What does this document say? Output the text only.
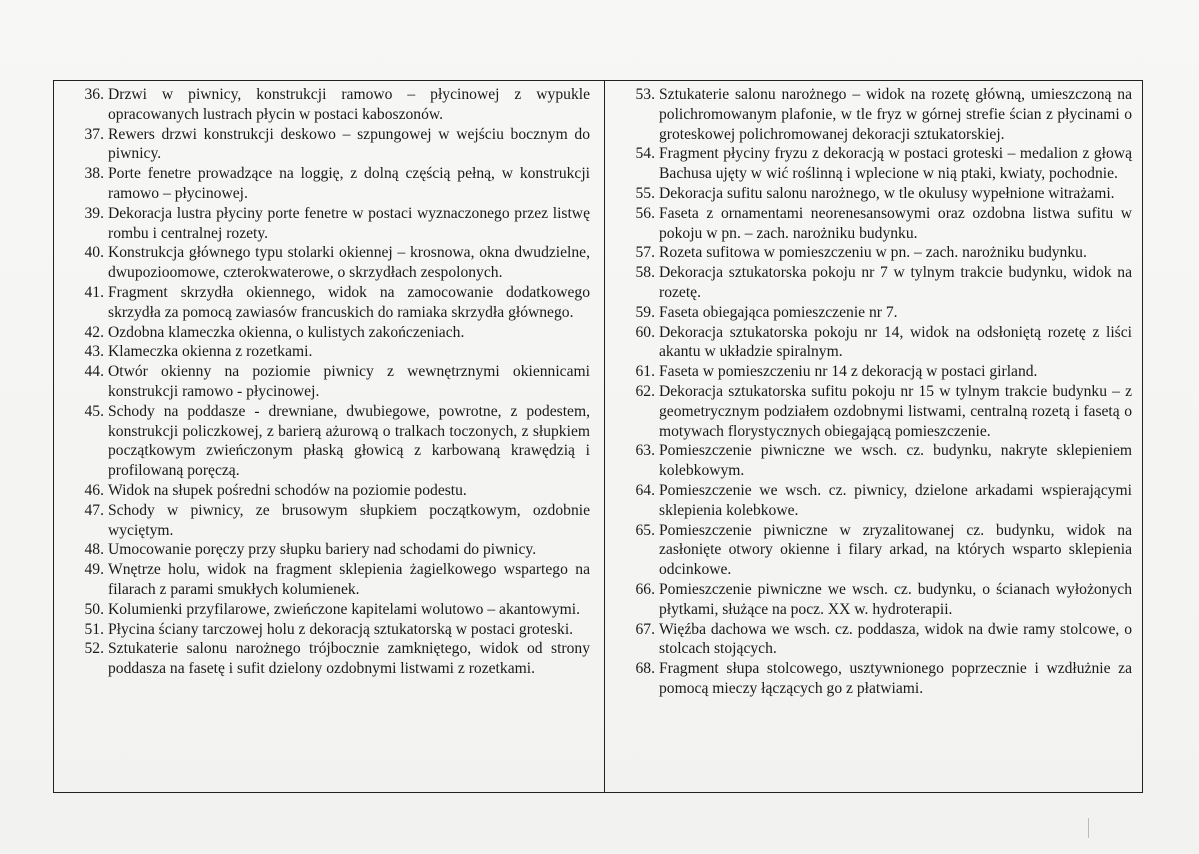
36. Drzwi w piwnicy, konstrukcji ramowo – płycinowej z wypukle opracowanych lustrach płycin w postaci kaboszonów.
37. Rewers drzwi konstrukcji deskowo – szpungowej w wejściu bocznym do piwnicy.
38. Porte fenetre prowadzące na loggię, z dolną częścią pełną, w konstrukcji ramowo – płycinowej.
39. Dekoracja lustra płyciny porte fenetre w postaci wyznaczonego przez listwę rombu i centralnej rozety.
40. Konstrukcja głównego typu stolarki okiennej – krosnowa, okna dwudzielne, dwupozioomowe, czterokwaterowe, o skrzydłach zespolonych.
41. Fragment skrzydła okiennego, widok na zamocowanie dodatkowego skrzydła za pomocą zawiasów francuskich do ramiaka skrzydła głównego.
42. Ozdobna klameczka okienna, o kulistych zakończeniach.
43. Klameczka okienna z rozetkami.
44. Otwór okienny na poziomie piwnicy z wewnętrznymi okiennicami konstrukcji ramowo - płycinowej.
45. Schody na poddasze - drewniane, dwubiegowe, powrotne, z podestem, konstrukcji policzkowej, z barierą ażurową o tralkach toczonych, z słupkiem początkowym zwieńczonym płaską głowicą z karbowaną krawędzią i profilowaną poręczą.
46. Widok na słupek pośredni schodów na poziomie podestu.
47. Schody w piwnicy, ze brusowym słupkiem początkowym, ozdobnie wyciętym.
48. Umocowanie poręczy przy słupku bariery nad schodami do piwnicy.
49. Wnętrze holu, widok na fragment sklepienia żagielkowego wspartego na filarach z parami smukłych kolumienek.
50. Kolumienki przyfilarowe, zwieńczone kapitelami wolutowo – akantowymi.
51. Płycina ściany tarczowej holu z dekoracją sztukatorską w postaci groteski.
52. Sztukaterie salonu narożnego trójbocznie zamkniętego, widok od strony poddasza na fasetę i sufit dzielony ozdobnymi listwami z rozetkami.
53. Sztukaterie salonu narożnego – widok na rozetę główną, umieszczoną na polichromowanym plafonie, w tle fryz w górnej strefie ścian z płycinami o groteskowej polichromowanej dekoracji sztukatorskiej.
54. Fragment płyciny fryzu z dekoracją w postaci groteski – medalion z głową Bachusa ujęty w wić roślinną i wplecione w nią ptaki, kwiaty, pochodnie.
55. Dekoracja sufitu salonu narożnego, w tle okulusy wypełnione witrażami.
56. Faseta z ornamentami neorenesansowymi oraz ozdobna listwa sufitu w pokoju w pn. – zach. narożniku budynku.
57. Rozeta sufitowa w pomieszczeniu w pn. – zach. narożniku budynku.
58. Dekoracja sztukatorska pokoju nr 7 w tylnym trakcie budynku, widok na rozetę.
59. Faseta obiegająca pomieszczenie nr 7.
60. Dekoracja sztukatorska pokoju nr 14, widok na odsłoniętą rozetę z liści akantu w układzie spiralnym.
61. Faseta w pomieszczeniu nr 14 z dekoracją w postaci girland.
62. Dekoracja sztukatorska sufitu pokoju nr 15 w tylnym trakcie budynku – z geometrycznym podziałem ozdobnymi listwami, centralną rozetą i fasetą o motywach florystycznych obiegającą pomieszczenie.
63. Pomieszczenie piwniczne we wsch. cz. budynku, nakryte sklepieniem kolebkowym.
64. Pomieszczenie we wsch. cz. piwnicy, dzielone arkadami wspierającymi sklepienia kolebkowe.
65. Pomieszczenie piwniczne w zryzalitowanej cz. budynku, widok na zasłonięte otwory okienne i filary arkad, na których wsparto sklepienia odcinkowe.
66. Pomieszczenie piwniczne we wsch. cz. budynku, o ścianach wyłożonych płytkami, służące na pocz. XX w. hydroterapii.
67. Więźba dachowa we wsch. cz. poddasza, widok na dwie ramy stolcowe, o stolcach stojących.
68. Fragment słupa stolcowego, usztywnionego poprzecznie i wzdłużnie za pomocą mieczy łączących go z płatwiami.
